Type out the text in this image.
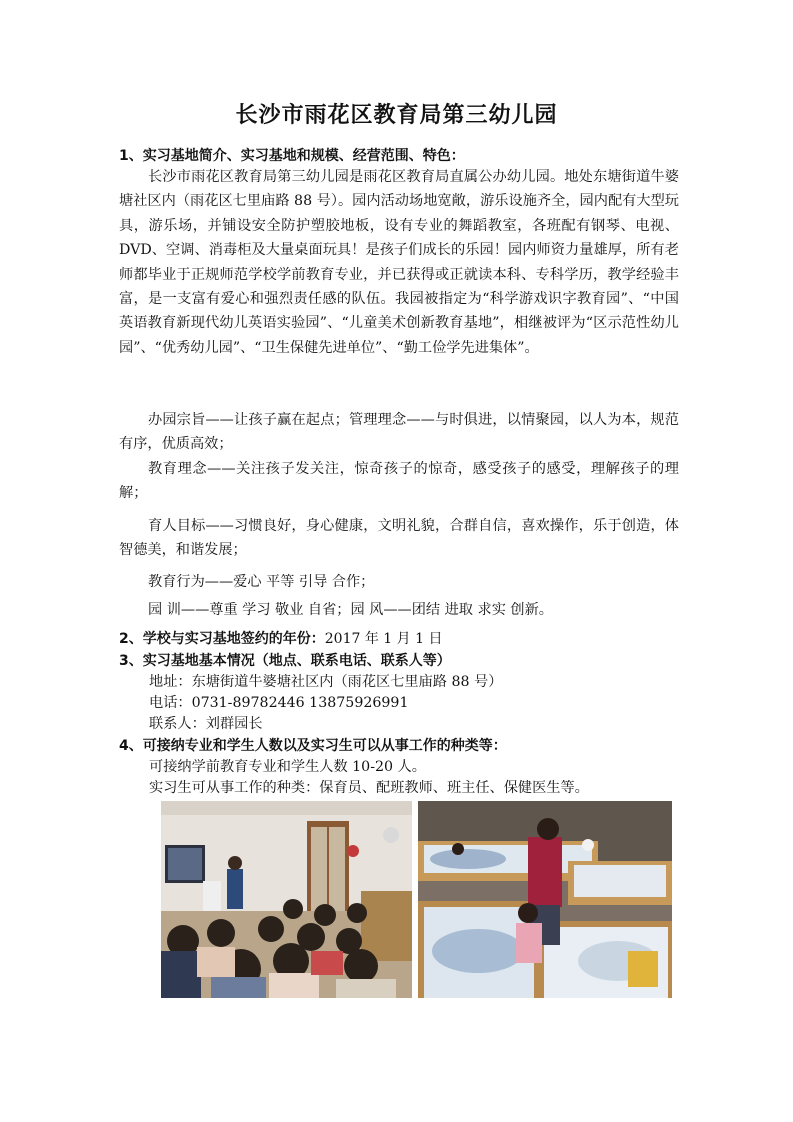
长沙市雨花区教育局第三幼儿园
1、实习基地简介、实习基地和规模、经营范围、特色：
长沙市雨花区教育局第三幼儿园是雨花区教育局直属公办幼儿园。地处东塘街道牛婆塘社区内（雨花区七里庙路 88 号）。园内活动场地宽敞，游乐设施齐全，园内配有大型玩具，游乐场，并铺设安全防护塑胶地板，设有专业的舞蹈教室，各班配有钢琴、电视、DVD、空调、消毒柜及大量桌面玩具！是孩子们成长的乐园！园内师资力量雄厚，所有老师都毕业于正规师范学校学前教育专业，并已获得或正就读本科、专科学历，教学经验丰富，是一支富有爱心和强烈责任感的队伍。我园被指定为“科学游戏识字教育园”、“中国英语教育新现代幼儿英语实验园”、“儿童美术创新教育基地”，相继被评为“区示范性幼儿园”、“优秀幼儿园”、“卫生保健先进单位”、“勤工俭学先进集体”。
办园宗旨——让孩子赢在起点；管理理念——与时俱进，以情聚园，以人为本，规范有序，优质高效；
教育理念——关注孩子发关注，惊奇孩子的惊奇，感受孩子的感受，理解孩子的理解；
育人目标——习惯良好，身心健康，文明礼貌，合群自信，喜欢操作，乐于创造，体智德美，和谐发展；
教育行为——爱心 平等 引导 合作；
园 训——尊重 学习 敬业 自省；园 风——团结 进取 求实 创新。
2、学校与实习基地签约的年份：2017 年 1 月 1 日
3、实习基地基本情况（地点、联系电话、联系人等）
地址：东塘街道牛婆塘社区内（雨花区七里庙路 88 号）
电话：0731-89782446 13875926991
联系人：刘群园长
4、可接纳专业和学生人数以及实习生可以从事工作的种类等：
可接纳学前教育专业和学生人数 10-20 人。
实习生可从事工作的种类：保育员、配班教师、班主任、保健医生等。
